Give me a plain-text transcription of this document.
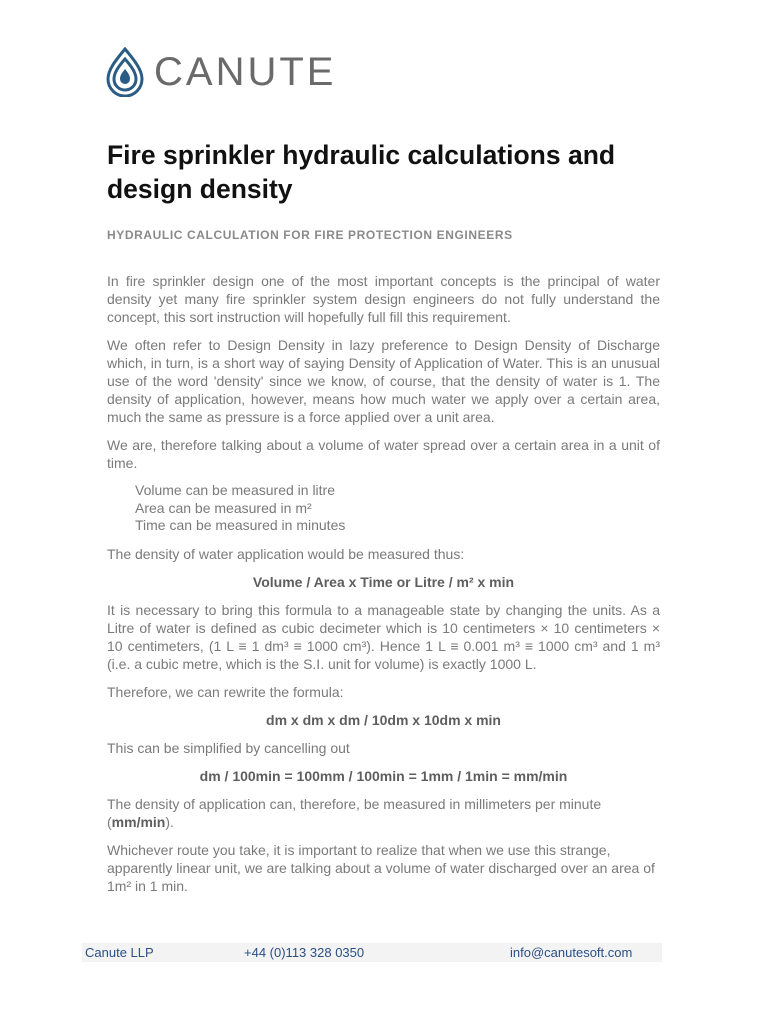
CANUTE
Fire sprinkler hydraulic calculations and design density
HYDRAULIC CALCULATION FOR FIRE PROTECTION ENGINEERS

In fire sprinkler design one of the most important concepts is the principal of water density yet many fire sprinkler system design engineers do not fully understand the concept, this sort instruction will hopefully full fill this requirement.

We often refer to Design Density in lazy preference to Design Density of Discharge which, in turn, is a short way of saying Density of Application of Water. This is an unusual use of the word 'density' since we know, of course, that the density of water is 1. The density of application, however, means how much water we apply over a certain area, much the same as pressure is a force applied over a unit area.

We are, therefore talking about a volume of water spread over a certain area in a unit of time.

Volume can be measured in litre
Area can be measured in m²
Time can be measured in minutes

The density of water application would be measured thus:

Volume / Area x Time or Litre / m² x min

It is necessary to bring this formula to a manageable state by changing the units. As a Litre of water is defined as cubic decimeter which is 10 centimeters × 10 centimeters × 10 centimeters, (1 L ≡ 1 dm³ ≡ 1000 cm³). Hence 1 L ≡ 0.001 m³ ≡ 1000 cm³ and 1 m³ (i.e. a cubic metre, which is the S.I. unit for volume) is exactly 1000 L.

Therefore, we can rewrite the formula:

dm x dm x dm / 10dm x 10dm x min

This can be simplified by cancelling out

dm / 100min = 100mm / 100min = 1mm / 1min = mm/min

The density of application can, therefore, be measured in millimeters per minute (mm/min).

Whichever route you take, it is important to realize that when we use this strange, apparently linear unit, we are talking about a volume of water discharged over an area of 1m² in 1 min.

Canute LLP	+44 (0)113 328 0350	info@canutesoft.com
